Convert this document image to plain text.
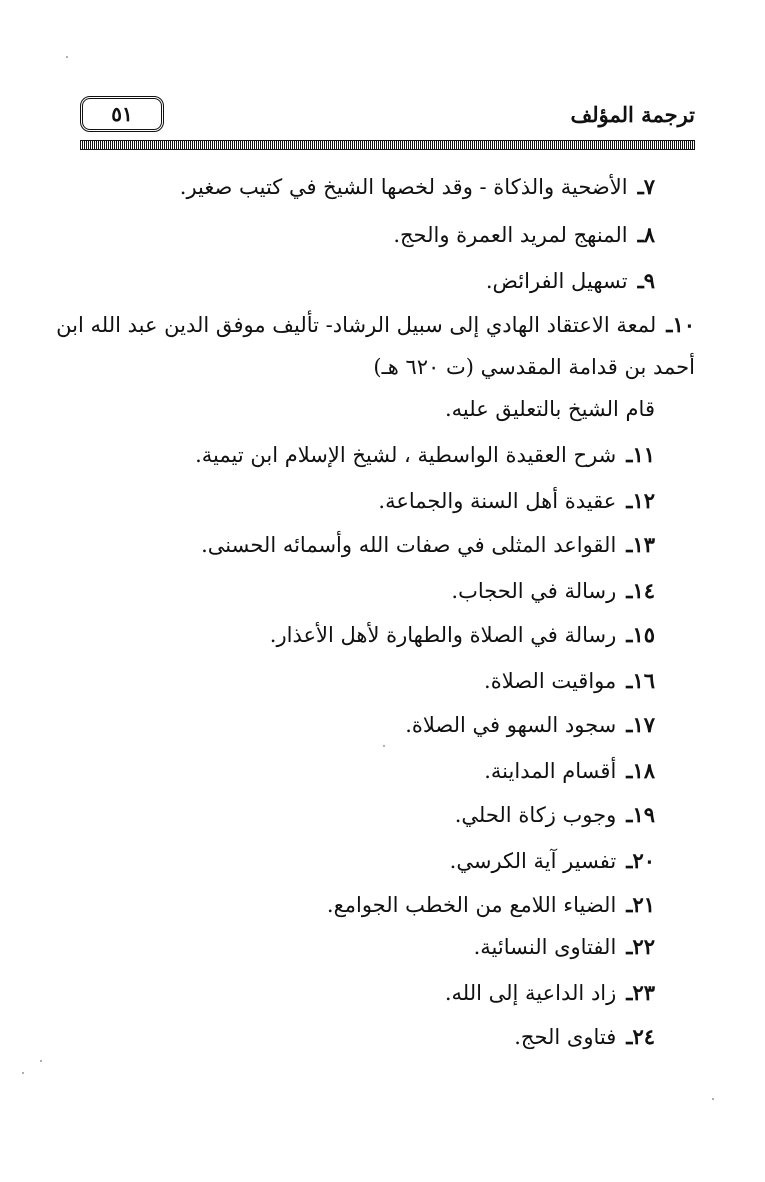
٥١	ترجمة المؤلف
٧ـالأضحية والذكاة - وقد لخصها الشيخ في كتيب صغير.
٨ـالمنهج لمريد العمرة والحج.
٩ـتسهيل الفرائض.
١٠ـلمعة الاعتقاد الهادي إلى سبيل الرشاد- تأليف موفق الدين عبد الله ابن
أحمد بن قدامة المقدسي (ت ٦٢٠ هـ)
قام الشيخ بالتعليق عليه.
١١ـشرح العقيدة الواسطية ، لشيخ الإسلام ابن تيمية.
١٢ـعقيدة أهل السنة والجماعة.
١٣ـالقواعد المثلى في صفات الله وأسمائه الحسنى.
١٤ـرسالة في الحجاب.
١٥ـرسالة في الصلاة والطهارة لأهل الأعذار.
١٦ـمواقيت الصلاة.
١٧ـسجود السهو في الصلاة.
١٨ـأقسام المداينة.
١٩ـوجوب زكاة الحلي.
٢٠ـتفسير آية الكرسي.
٢١ـالضياء اللامع من الخطب الجوامع.
٢٢ـالفتاوى النسائية.
٢٣ـزاد الداعية إلى الله.
٢٤ـفتاوى الحج.
